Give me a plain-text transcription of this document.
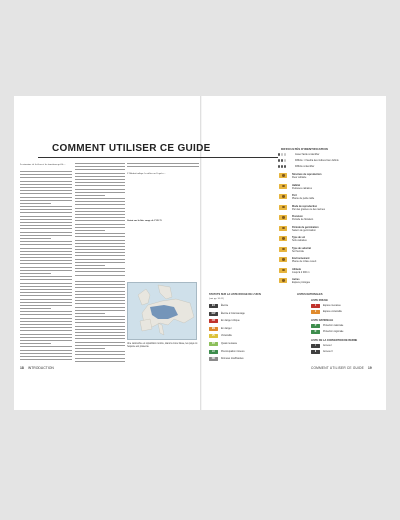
COMMENT UTILISER CE GUIDE
La structure de la fleur et les fonctions qu'elle...
L'Habitat indique le milieu ou l'espèce...
Statut sur la liste rouge de l'UICN
Une cartouche en répartition montre, dans la zone bleue, les pays où l'espèce est présente.
18 INTRODUCTION	COMMENT UTILISER CE GUIDE 19
DIFFICULTÉS D'IDENTIFICATION
Assez facile à identifier
Difficile : il faudra des indices bien définis
Difficile à identifier
Structure de reproduction
Fleur solitaire
Habitat
Pelouses calcaires
Port
Plante de petite taille
Mode de reproduction
Par des graines ou des racines
Floraison
Période de floraison
Période de germination
Saison de germination
Type de sol
Sols calcaires
Type de substrat
Sol humide
Environnement
Plante de milieu ouvert
Altitude
Jusqu'à 2 000 m
Autres
Espèce protégée
STATUTS SUR LA LISTE ROUGE DE L'UICN
(voir pp. 10-11)
EX	Éteinte
EW	Éteinte à l'état sauvage
CR	En danger critique
EN	En danger
VU	Vulnérable
NT	Quasi menacée
LC	Préoccupation mineure
DD	Données insuffisantes
LISTES NATIONALES
LISTE ROUGE
1	Espèce menacée
2	Espèce vulnérable
LISTE NATIONALE
P	Protection nationale
R	Protection régionale
LISTE DE LA CONVENTION DE BERNE
I	Annexe I
II	Annexe II
